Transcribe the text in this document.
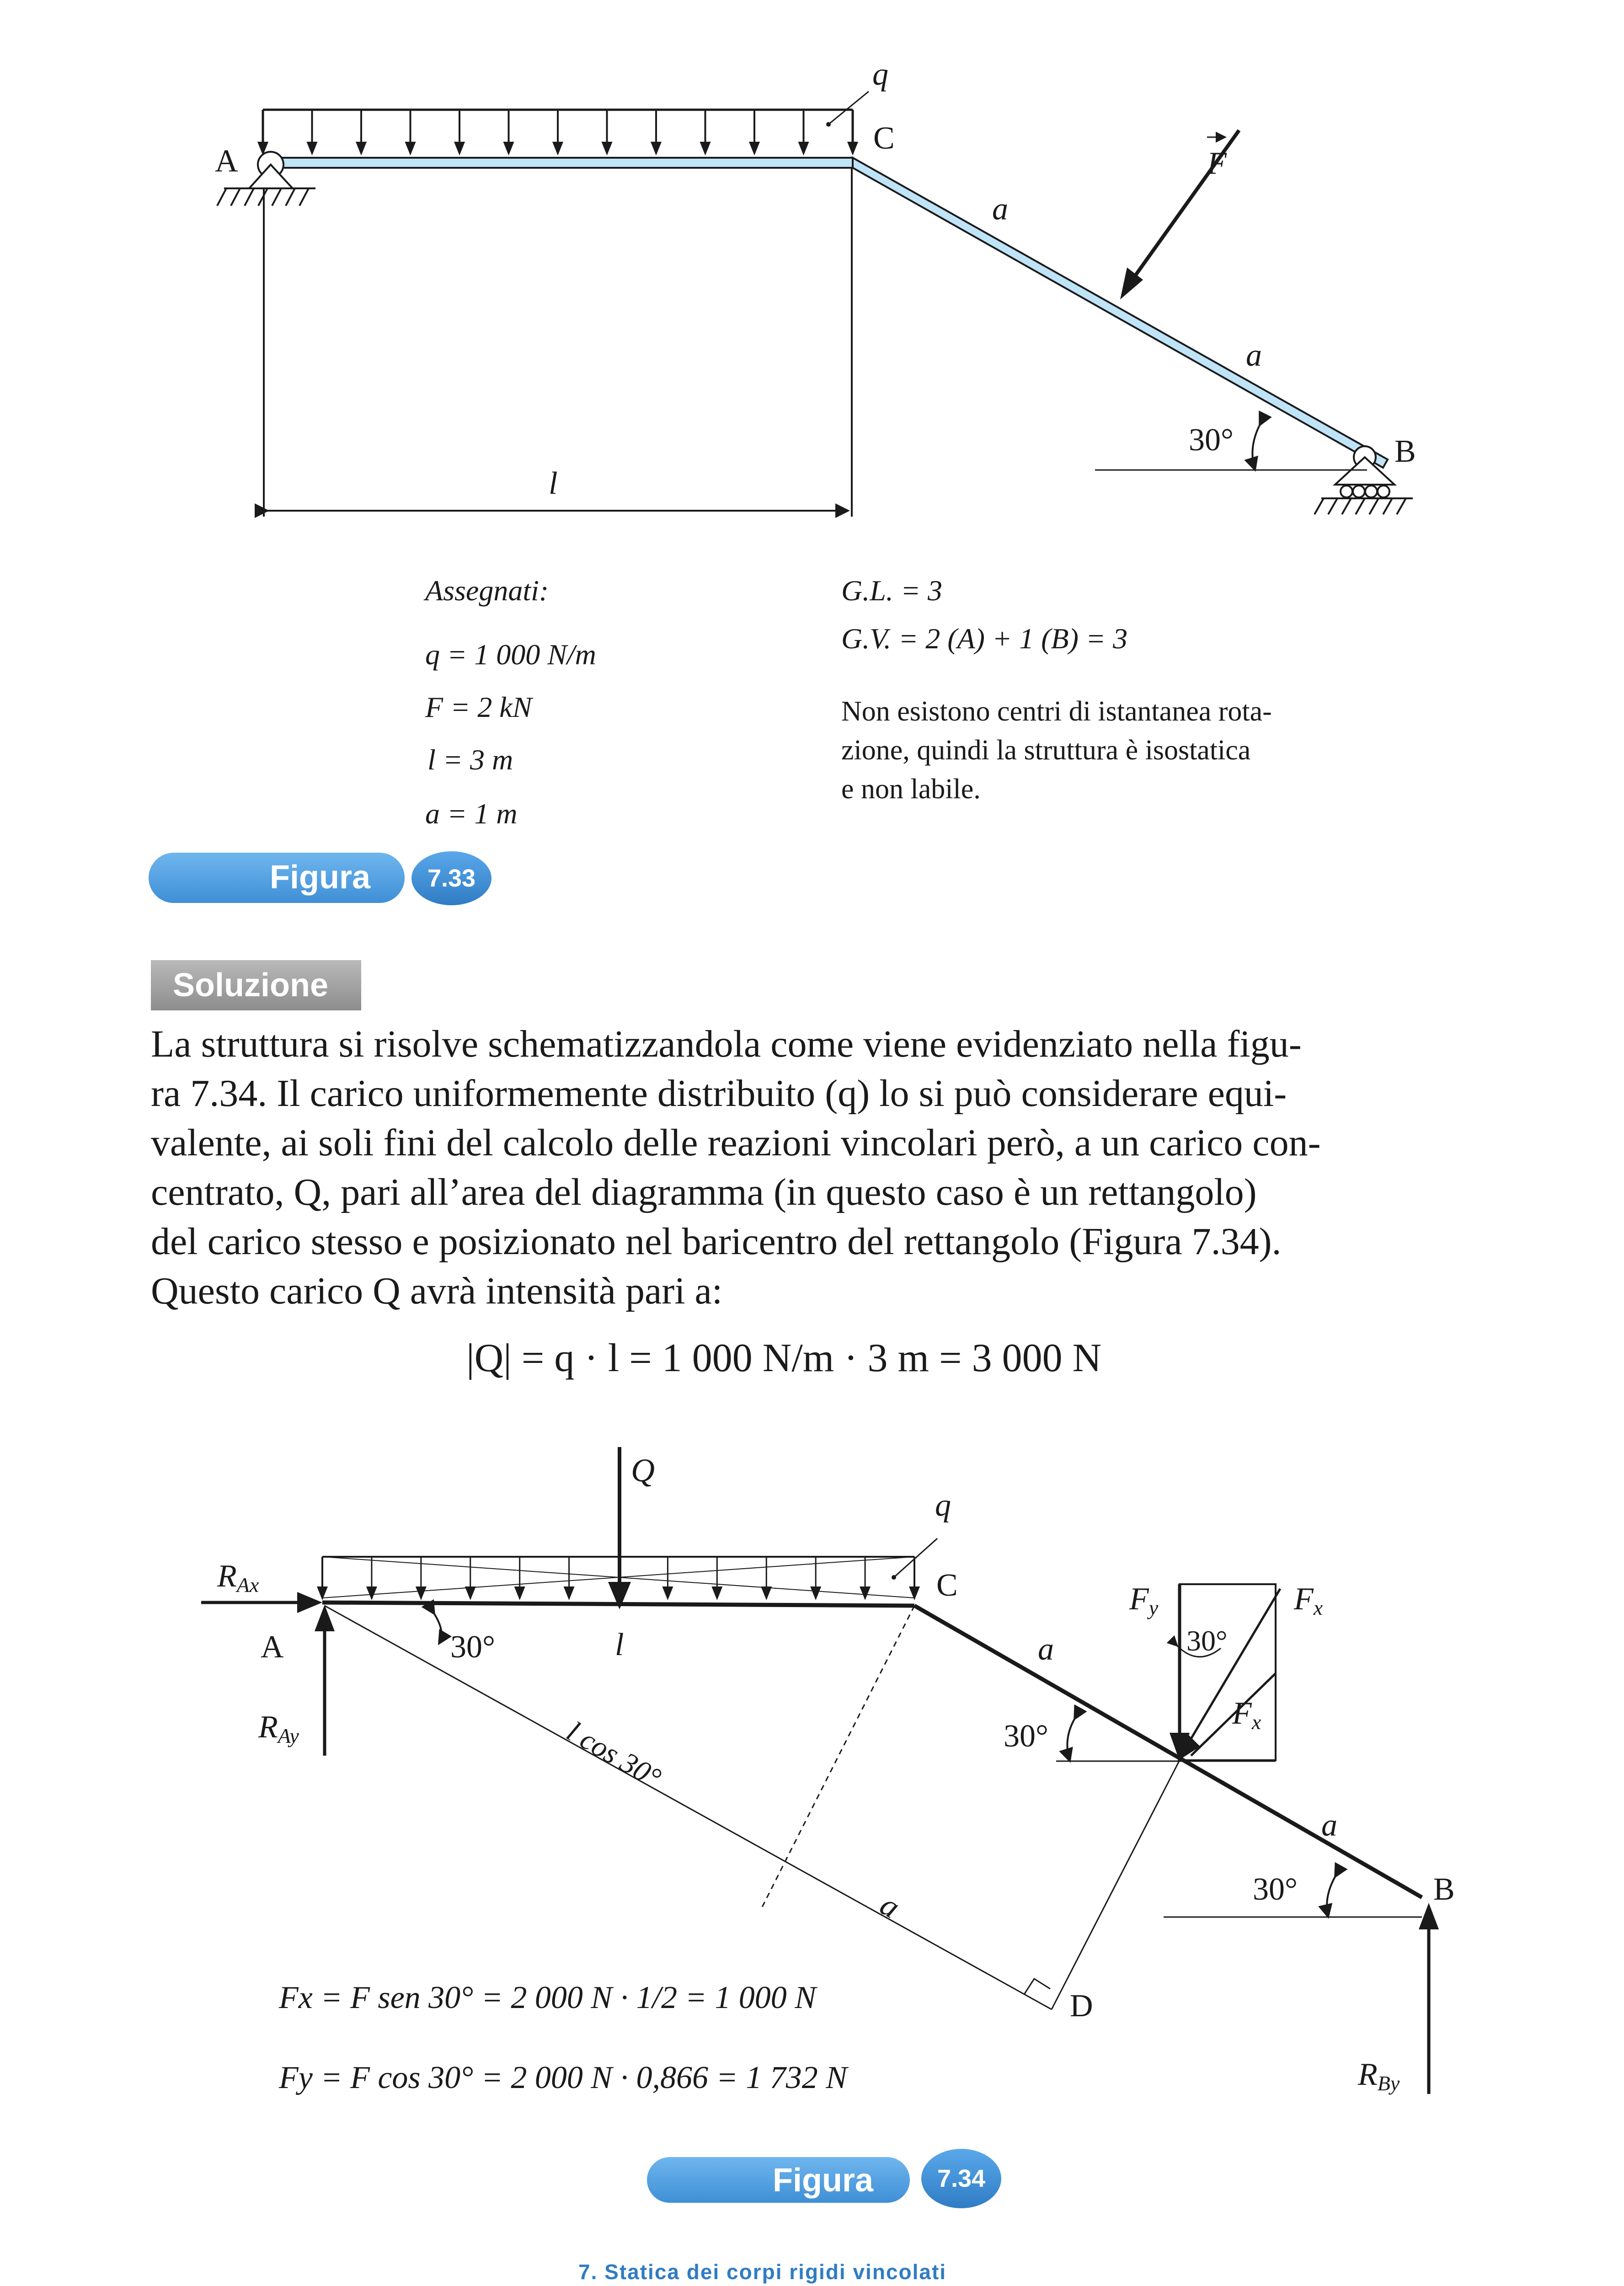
q
A
C
a
F
a
30°	B
l
Assegnati:
q = 1 000 N/m
F = 2 kN
l = 3 m
a = 1 m
G.L. = 3
G.V. = 2 (A) + 1 (B) = 3
Non esistono centri di istantanea rota-
zione, quindi la struttura è isostatica
e non labile.
Figura	7.33
Soluzione
La struttura si risolve schematizzandola come viene evidenziato nella figu-
ra 7.34. Il carico uniformemente distribuito (q) lo si può considerare equi-
valente, ai soli fini del calcolo delle reazioni vincolari però, a un carico con-
centrato, Q, pari all’area del diagramma (in questo caso è un rettangolo)
del carico stesso e posizionato nel baricentro del rettangolo (Figura 7.34).
Questo carico Q avrà intensità pari a:
|Q| = q · l = 1 000 N/m · 3 m = 3 000 N
Q
q
RAx
A	30°	l
C	Fy	Fx
30°
Fx
a
30°
RAy	l cos 30°
a
30°	B
a
D
RBy
Fx = F sen 30° = 2 000 N · 1/2 = 1 000 N
Fy = F cos 30° = 2 000 N · 0,866 = 1 732 N
Figura	7.34
7. Statica dei corpi rigidi vincolati
